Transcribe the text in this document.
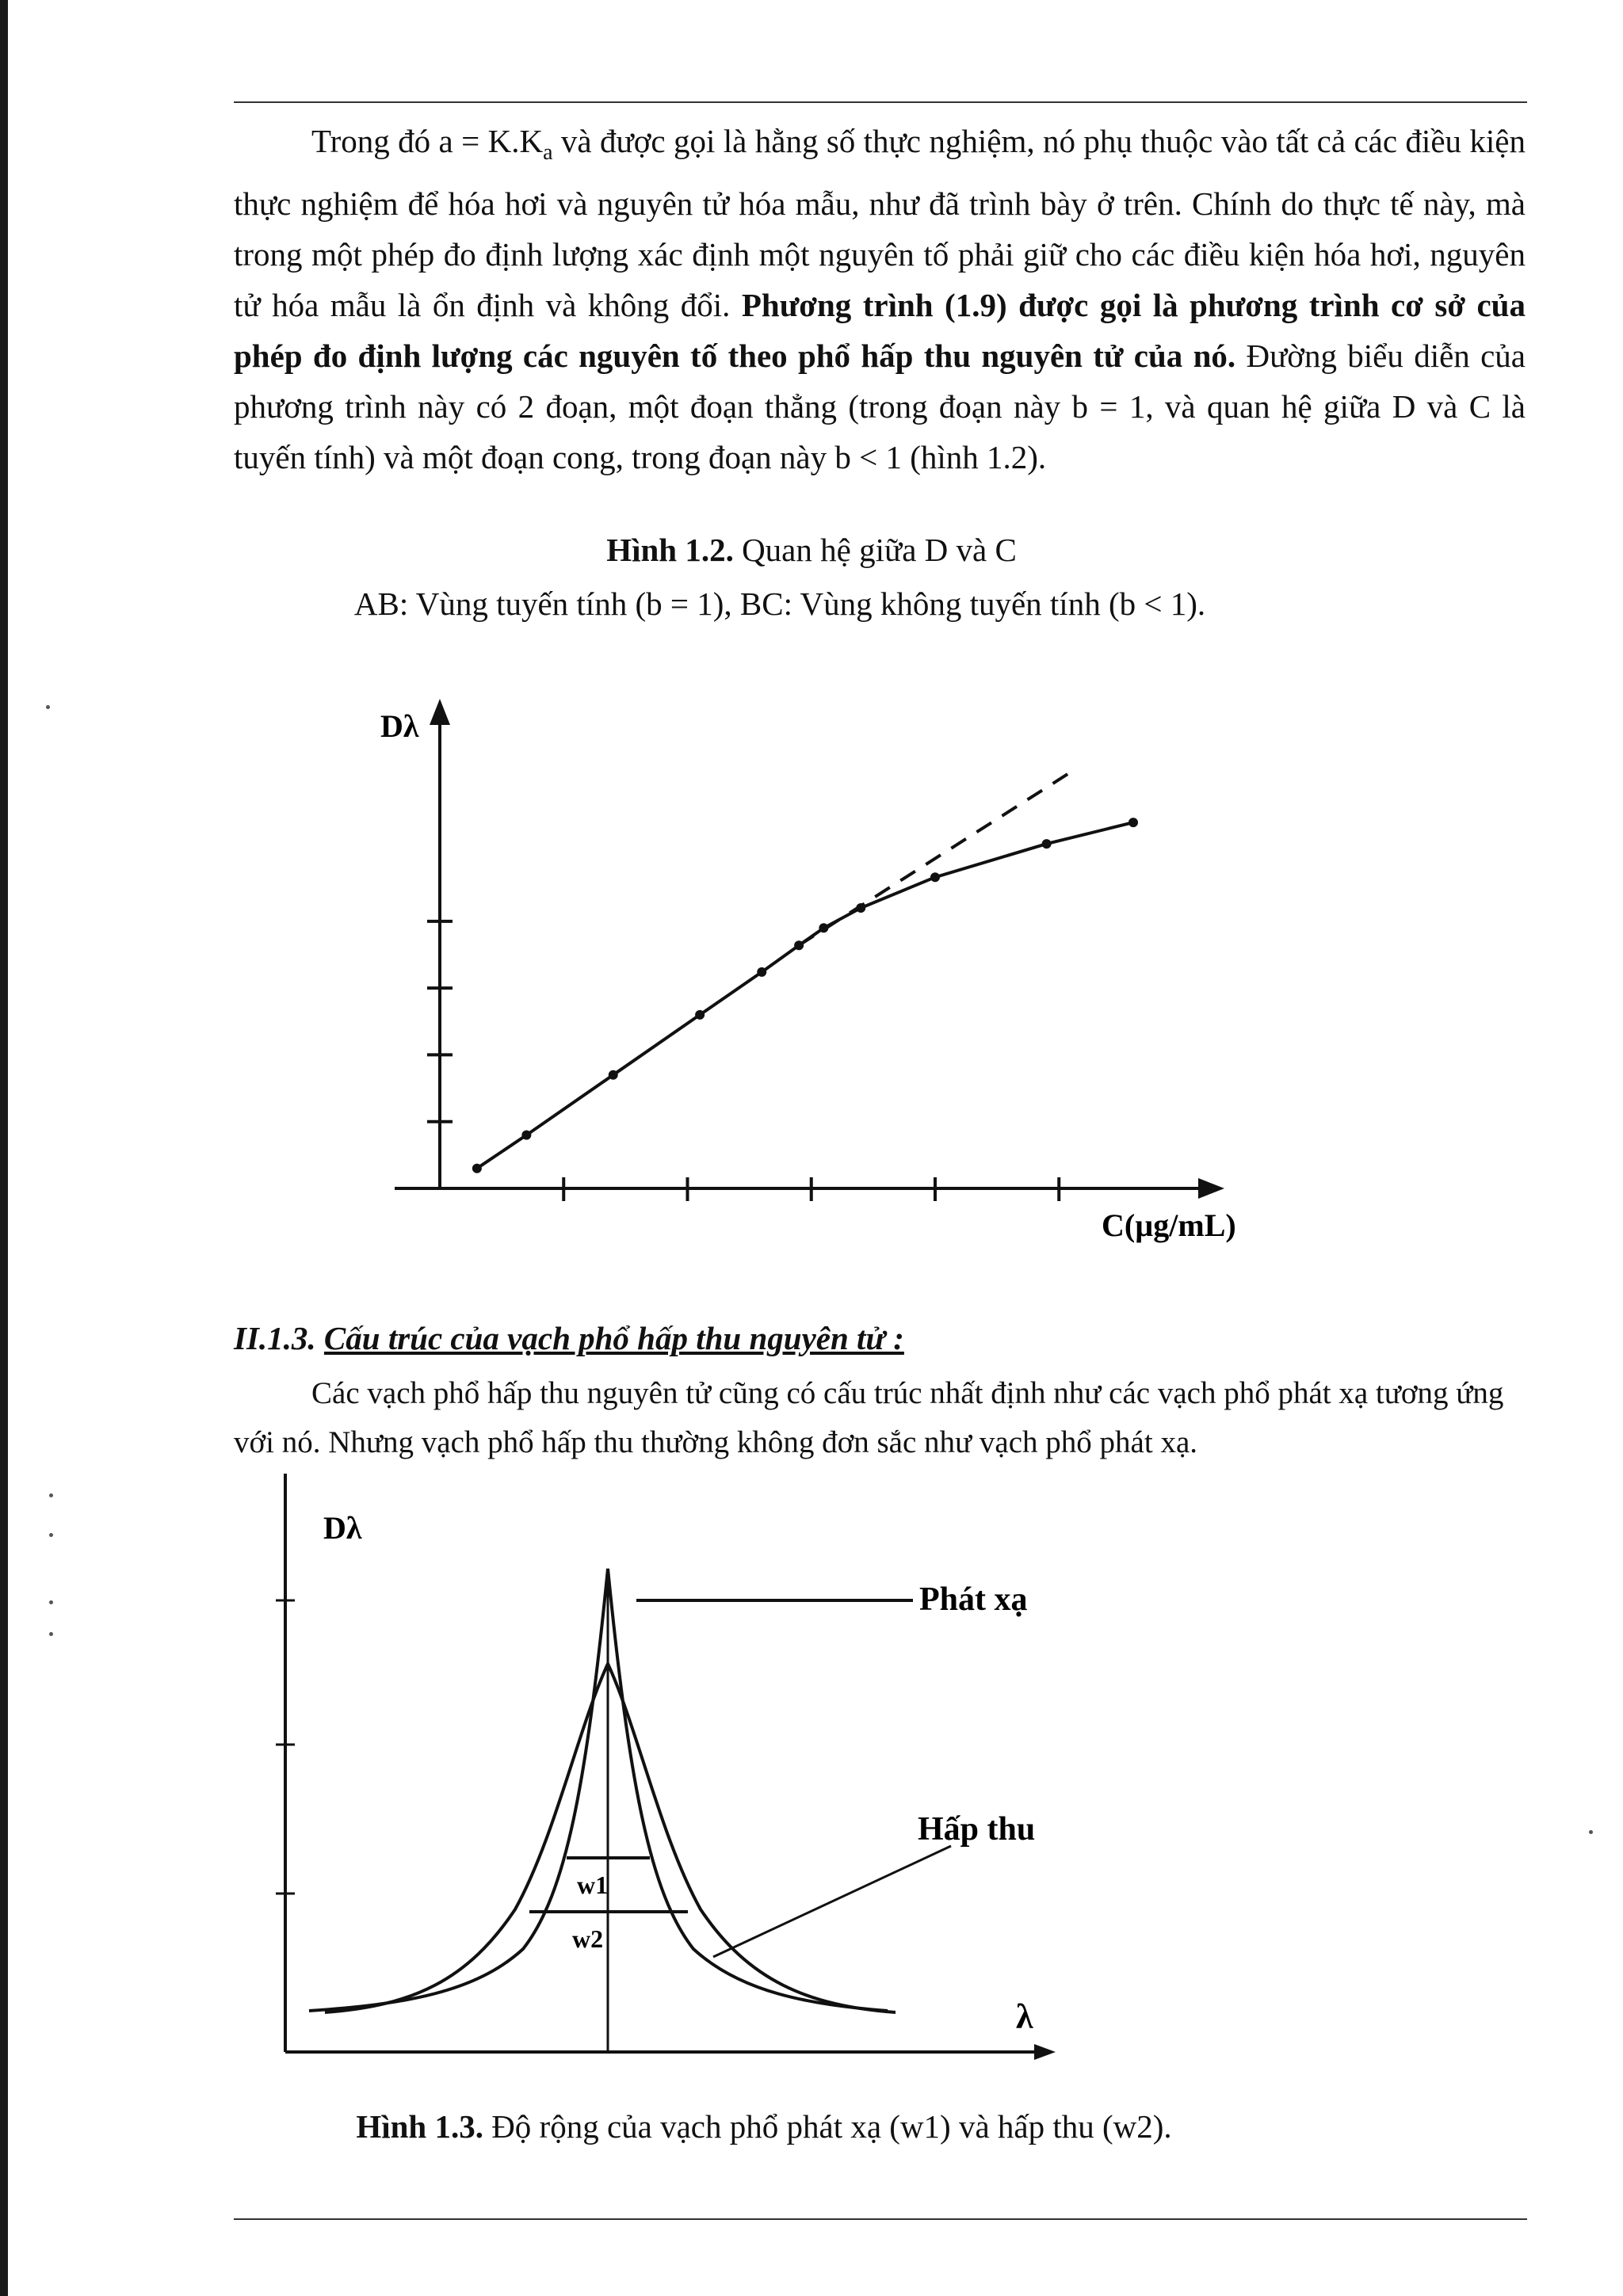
Trong đó $a = K.K_a$ và được gọi là hằng số thực nghiệm, nó phụ thuộc vào tất cả các điều kiện thực nghiệm để hóa hơi và nguyên tử hóa mẫu, như đã trình bày ở trên. Chính do thực tế này, mà trong một phép đo định lượng xác định một nguyên tố phải giữ cho các điều kiện hóa hơi, nguyên tử hóa mẫu là ổn định và không đổi. Phương trình (1.9) được gọi là phương trình cơ sở của phép đo định lượng các nguyên tố theo phổ hấp thu nguyên tử của nó. Đường biểu diễn của phương trình này có 2 đoạn, một đoạn thẳng (trong đoạn này b = 1, và quan hệ giữa D và C là tuyến tính) và một đoạn cong, trong đoạn này b < 1 (hình 1.2).

Hình 1.2. Quan hệ giữa D và C

AB: Vùng tuyến tính (b = 1), BC: Vùng không tuyến tính (b < 1).

Dλ
C(µg/mL)

II.1.3. Cấu trúc của vạch phổ hấp thu nguyên tử :

Các vạch phổ hấp thu nguyên tử cũng có cấu trúc nhất định như các vạch phổ phát xạ tương ứng với nó. Nhưng vạch phổ hấp thu thường không đơn sắc như vạch phổ phát xạ.

w1
w2
Phát xạ
Hấp thu
Dλ
λ

Hình 1.3. Độ rộng của vạch phổ phát xạ (w1) và hấp thu (w2).
